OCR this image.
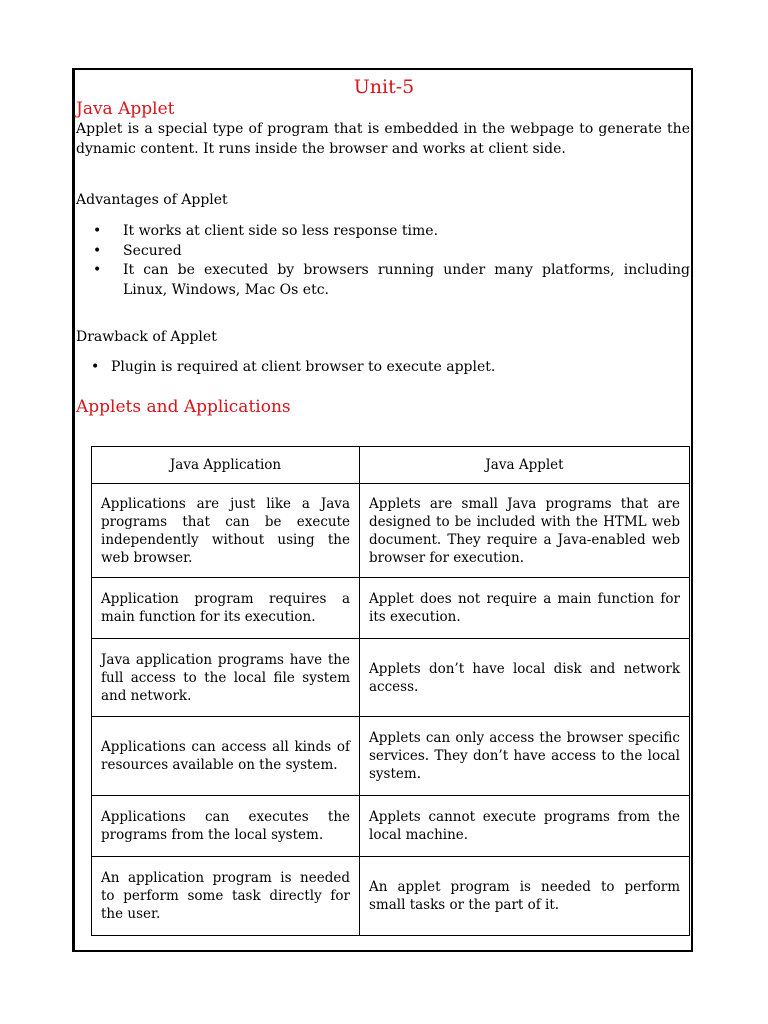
Unit-5
Java Applet
Applet is a special type of program that is embedded in the webpage to generate the dynamic content. It runs inside the browser and works at client side.
Advantages of Applet
• It works at client side so less response time.
• Secured
• It can be executed by browsers running under many platforms, including Linux, Windows, Mac Os etc.
Drawback of Applet
• Plugin is required at client browser to execute applet.
Applets and Applications
Java Application	Java Applet
Applications are just like a Java programs that can be execute independently without using the web browser.	Applets are small Java programs that are designed to be included with the HTML web document. They require a Java-enabled web browser for execution.
Application program requires a main function for its execution.	Applet does not require a main function for its execution.
Java application programs have the full access to the local file system and network.	Applets don’t have local disk and network access.
Applications can access all kinds of resources available on the system.	Applets can only access the browser specific services. They don’t have access to the local system.
Applications can executes the programs from the local system.	Applets cannot execute programs from the local machine.
An application program is needed to perform some task directly for the user.	An applet program is needed to perform small tasks or the part of it.
